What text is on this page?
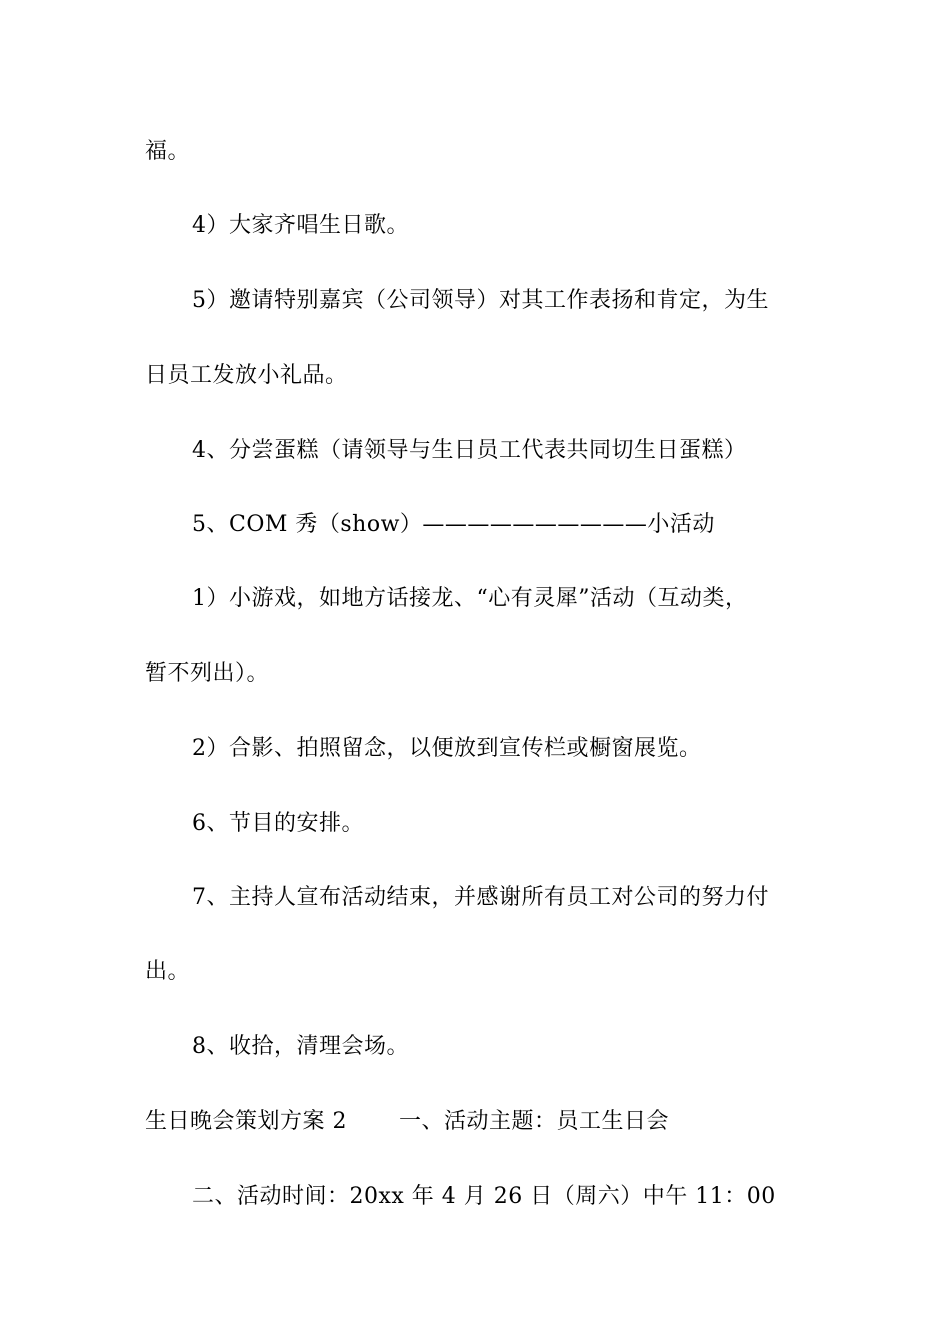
福。
4）大家齐唱生日歌。
5）邀请特别嘉宾（公司领导）对其工作表扬和肯定，为生
日员工发放小礼品。
4、分尝蛋糕（请领导与生日员工代表共同切生日蛋糕）
5、COM 秀（show）——————————小活动
1）小游戏，如地方话接龙、“心有灵犀”活动（互动类，
暂不列出）。
2）合影、拍照留念，以便放到宣传栏或橱窗展览。
6、节目的安排。
7、主持人宣布活动结束，并感谢所有员工对公司的努力付
出。
8、收拾，清理会场。
生日晚会策划方案 2 一、活动主题：员工生日会
二、活动时间：20xx 年 4 月 26 日（周六）中午 11：00
